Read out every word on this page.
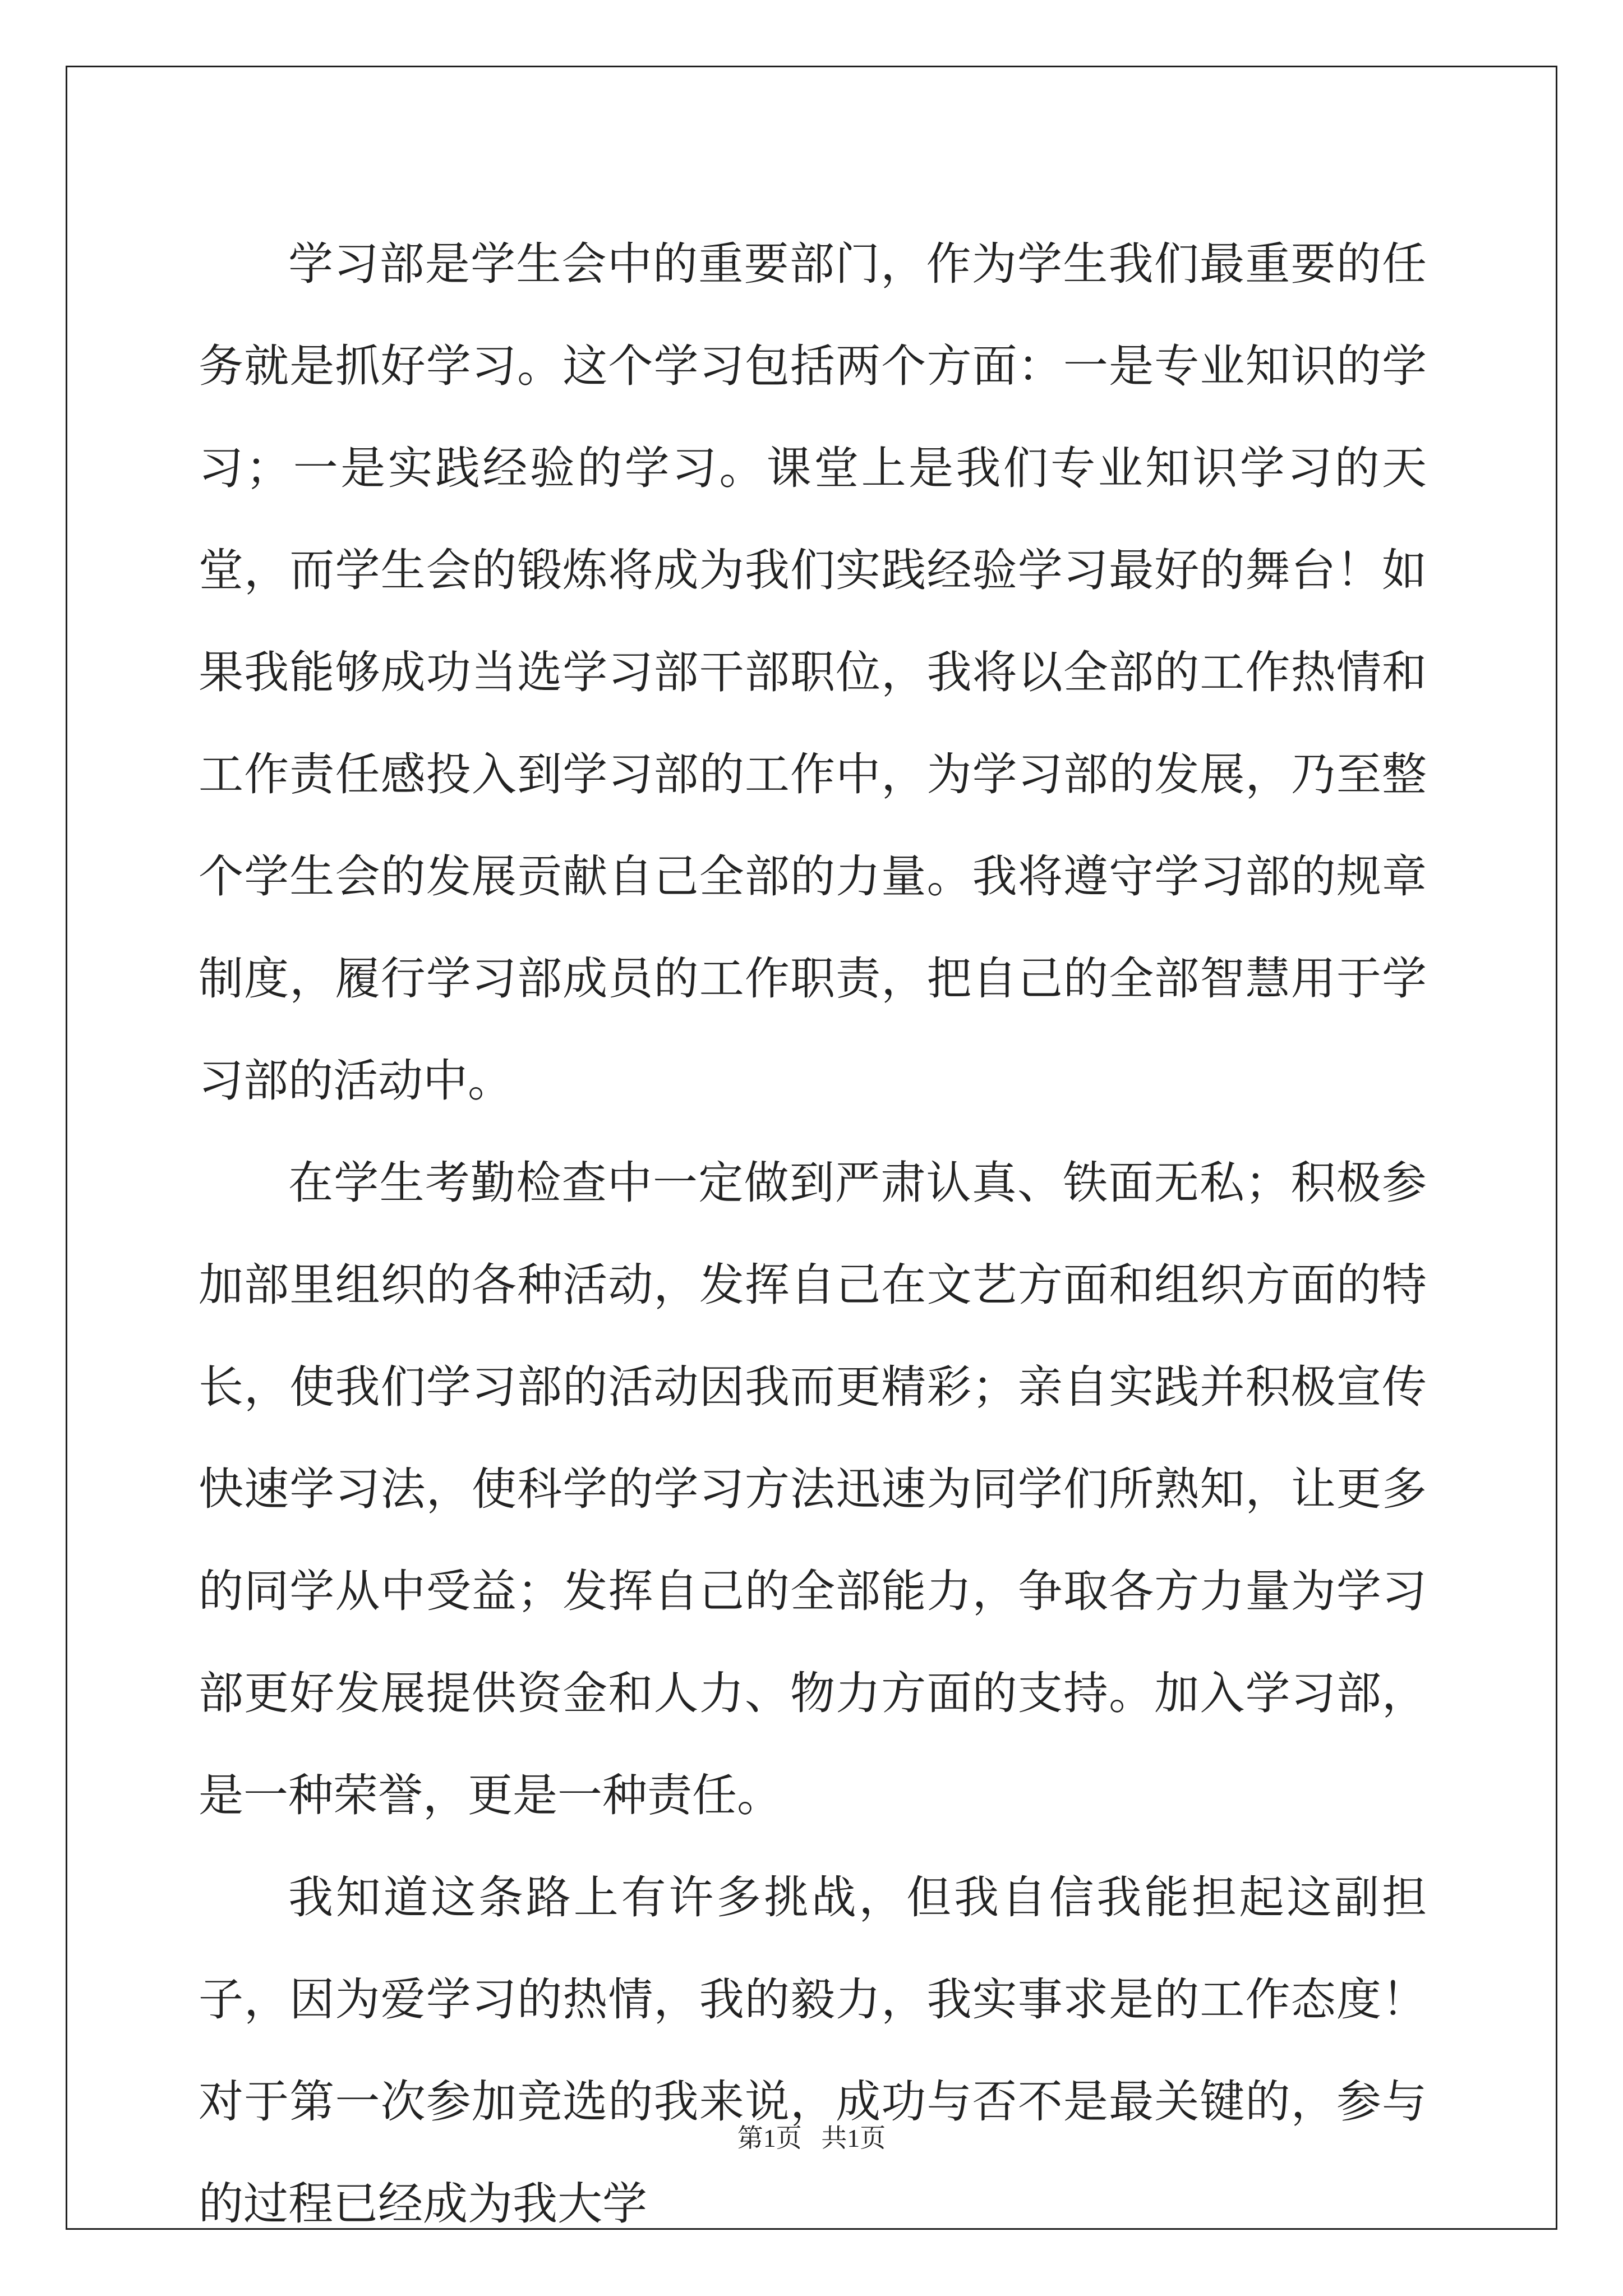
学习部是学生会中的重要部门，作为学生我们最重要的任务就是抓好学习。这个学习包括两个方面：一是专业知识的学习；一是实践经验的学习。课堂上是我们专业知识学习的天堂，而学生会的锻炼将成为我们实践经验学习最好的舞台！如果我能够成功当选学习部干部职位，我将以全部的工作热情和工作责任感投入到学习部的工作中，为学习部的发展，乃至整个学生会的发展贡献自己全部的力量。我将遵守学习部的规章制度，履行学习部成员的工作职责，把自己的全部智慧用于学习部的活动中。

在学生考勤检查中一定做到严肃认真、铁面无私；积极参加部里组织的各种活动，发挥自己在文艺方面和组织方面的特长，使我们学习部的活动因我而更精彩；亲自实践并积极宣传快速学习法，使科学的学习方法迅速为同学们所熟知，让更多的同学从中受益；发挥自己的全部能力，争取各方力量为学习部更好发展提供资金和人力、物力方面的支持。加入学习部，是一种荣誉，更是一种责任。

我知道这条路上有许多挑战，但我自信我能担起这副担子，因为爱学习的热情，我的毅力，我实事求是的工作态度！ 对于第一次参加竞选的我来说，成功与否不是最关键的，参与的过程已经成为我大学

第1页   共1页
